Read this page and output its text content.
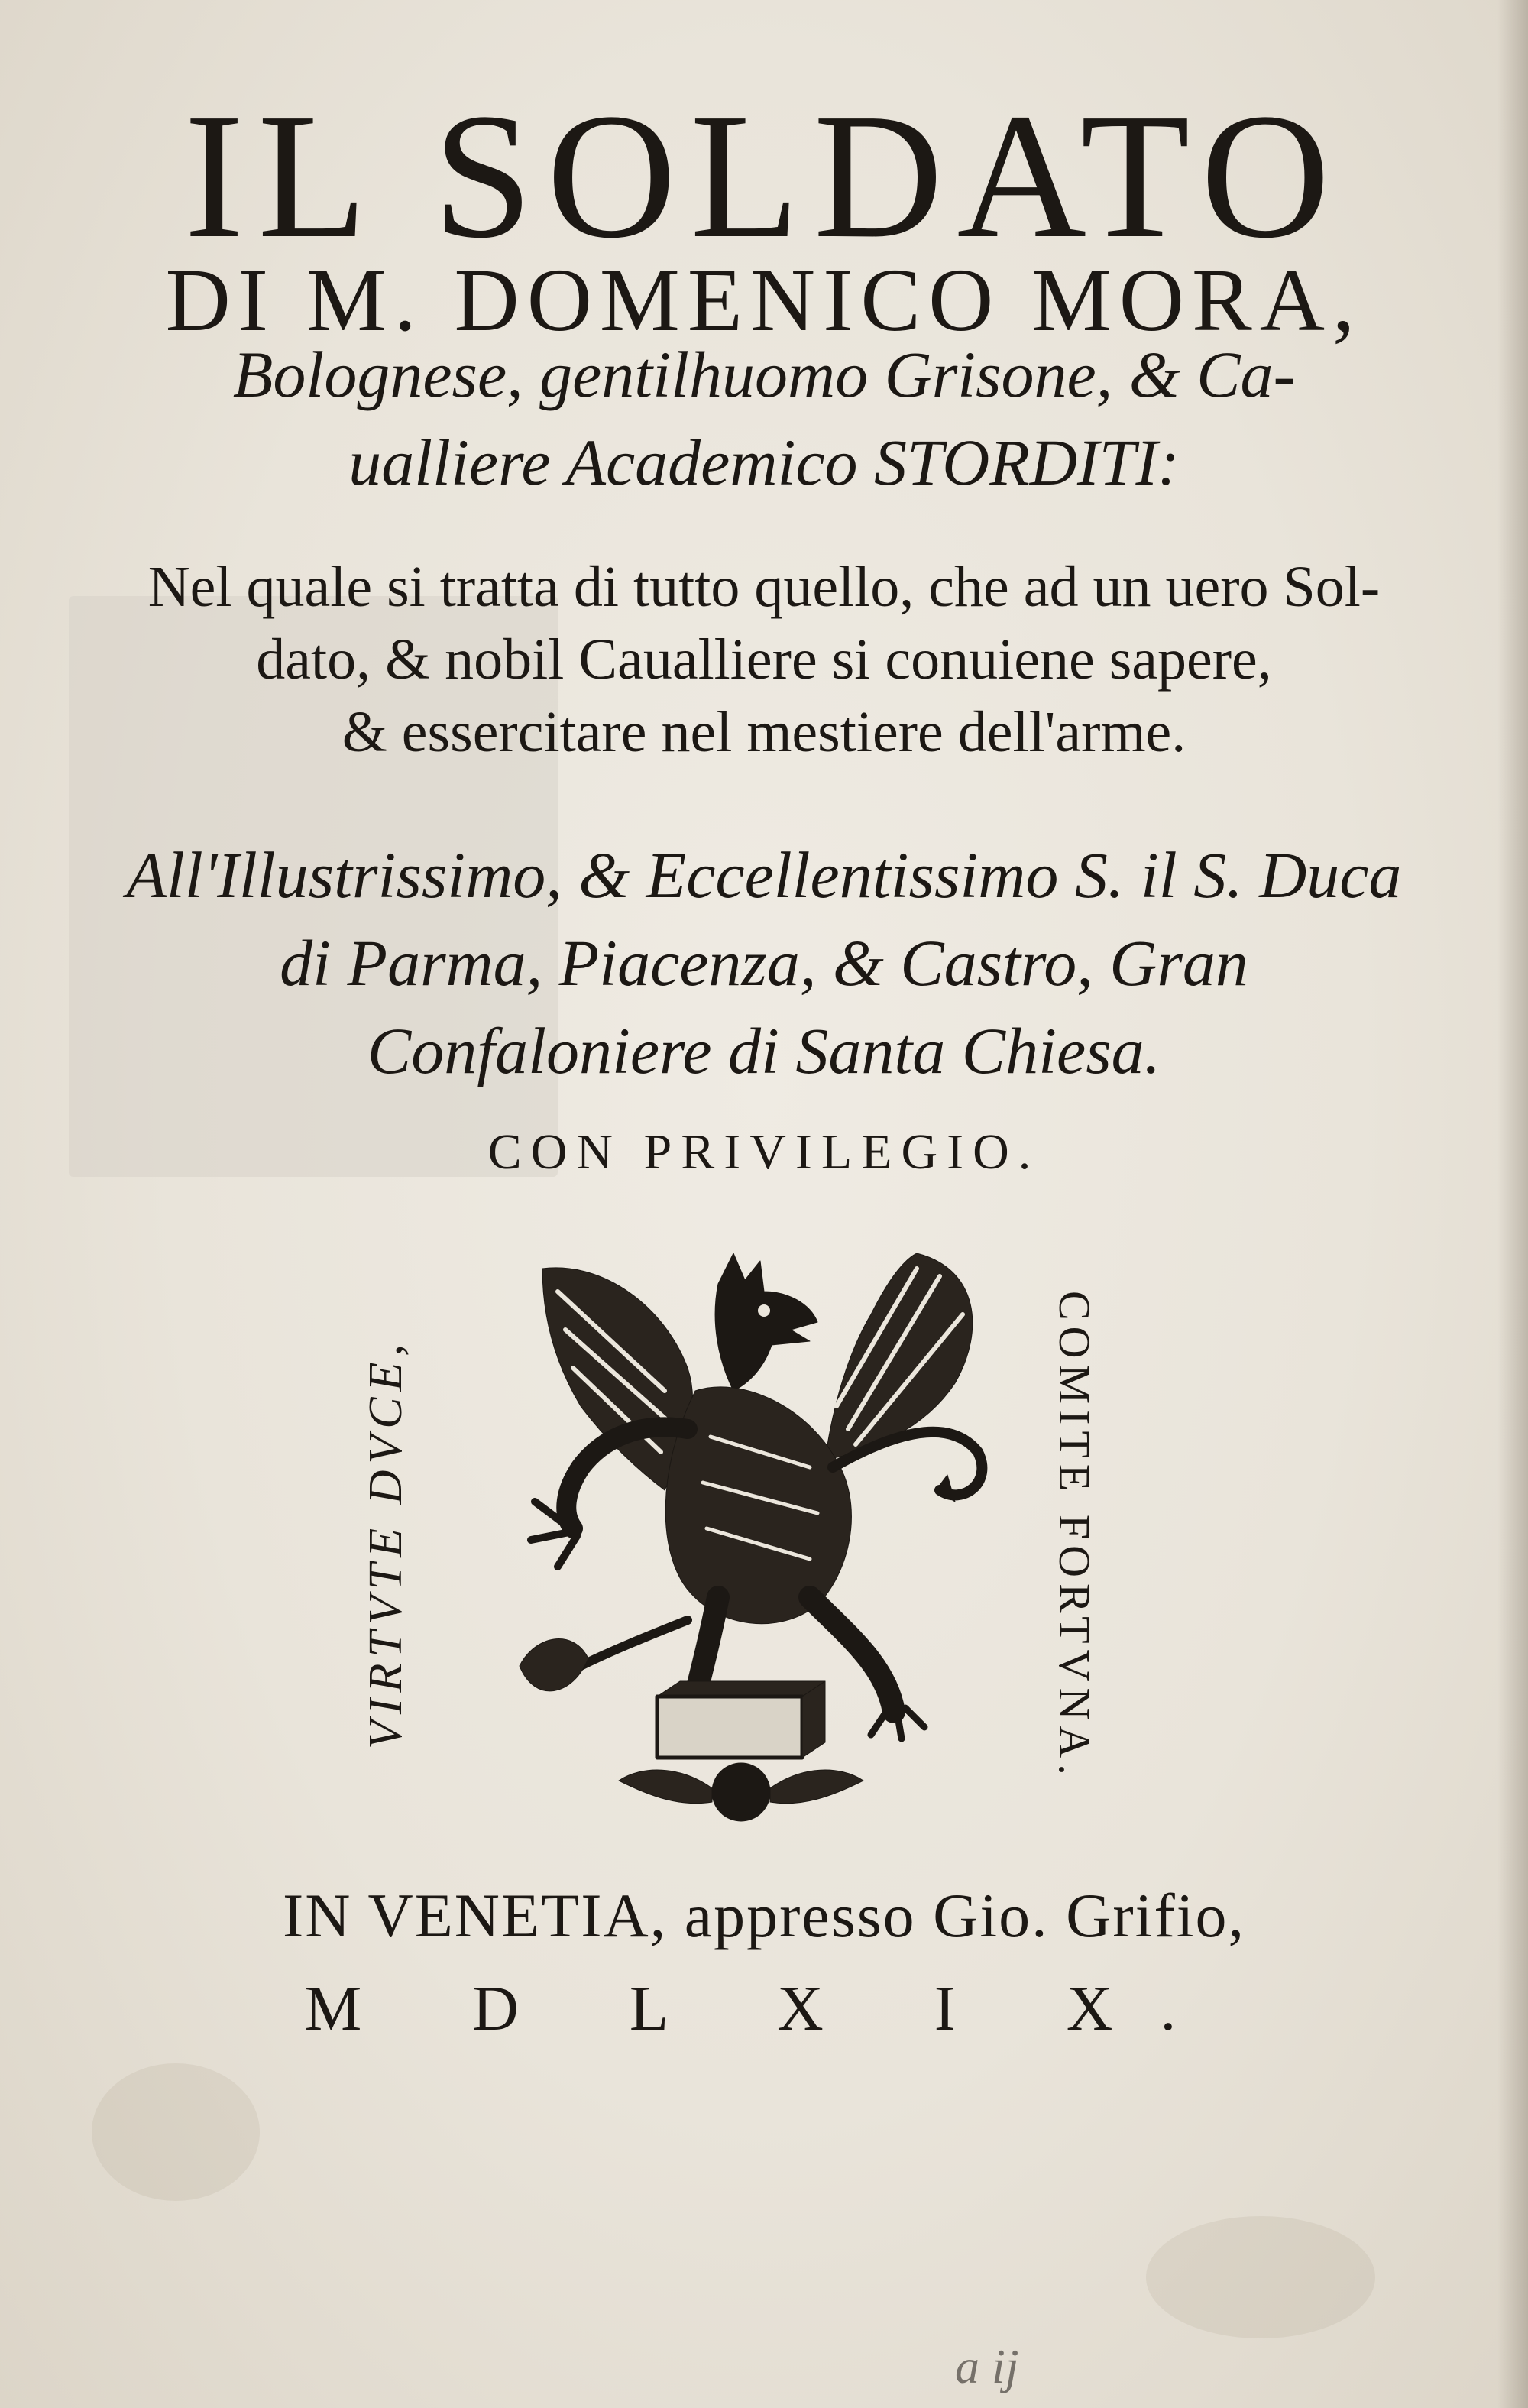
IL SOLDATO
DI M. DOMENICO MORA,
Bolognese, gentilhuomo Grisone, & Ca-
ualliere Academico STORDITI:
Nel quale si tratta di tutto quello, che ad un uero Sol-
dato, & nobil Caualliere si conuiene sapere,
& essercitare nel mestiere dell'arme.
All'Illustrissimo, & Eccellentissimo S. il S. Duca
di Parma, Piacenza, & Castro, Gran
Confaloniere di Santa Chiesa.
CON PRIVILEGIO.
VIRTVTE DVCE,	COMITE FORTVNA.
IN VENETIA, appresso Gio. Grifio,
M D L X I X.
a ij
